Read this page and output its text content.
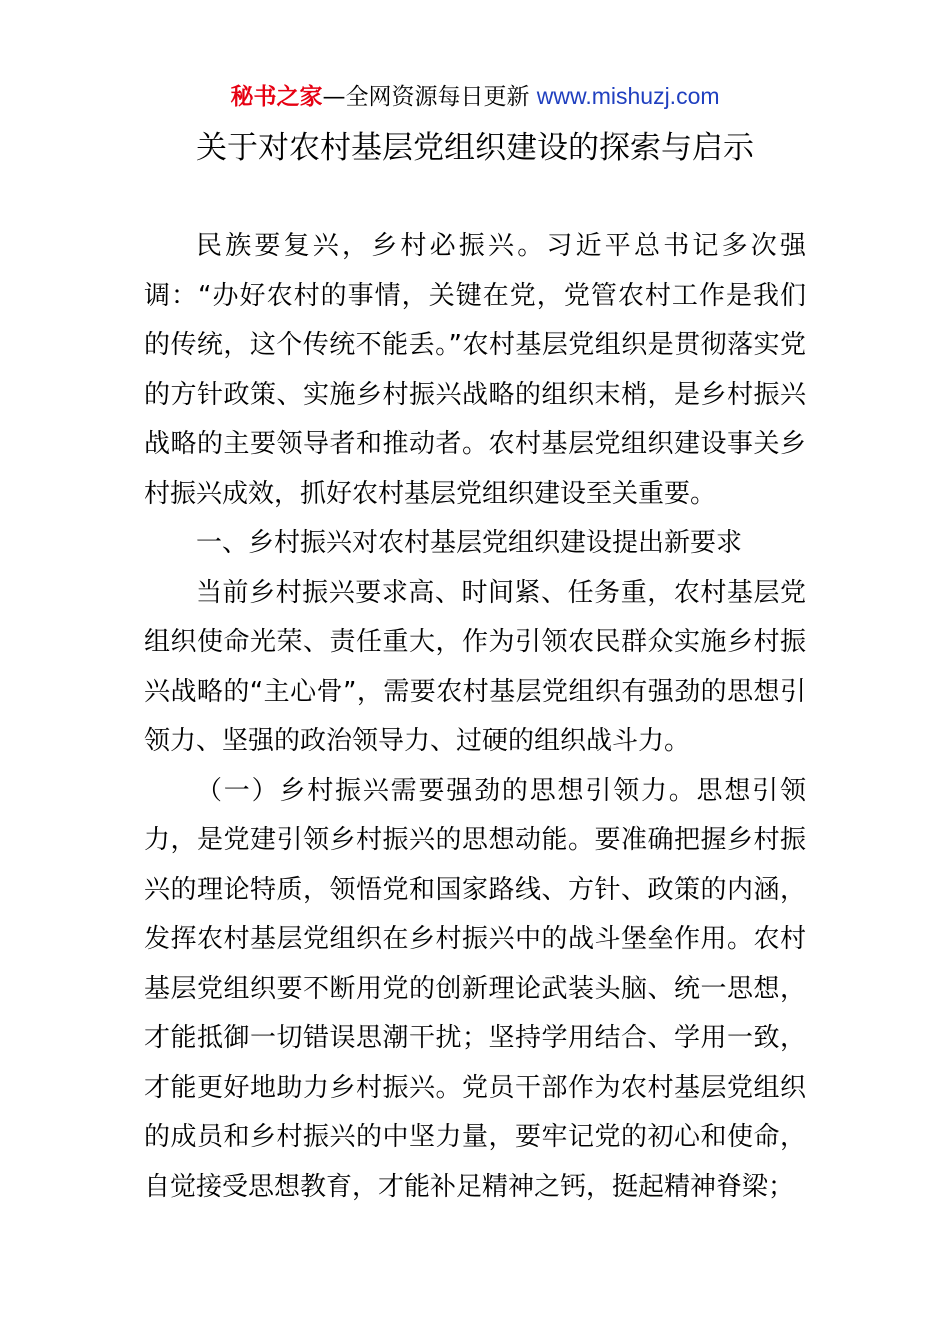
秘书之家—全网资源每日更新 www.mishuzj.com
关于对农村基层党组织建设的探索与启示

民族要复兴，乡村必振兴。习近平总书记多次强调：“办好农村的事情，关键在党，党管农村工作是我们的传统，这个传统不能丢。”农村基层党组织是贯彻落实党的方针政策、实施乡村振兴战略的组织末梢，是乡村振兴战略的主要领导者和推动者。农村基层党组织建设事关乡村振兴成效，抓好农村基层党组织建设至关重要。

一、乡村振兴对农村基层党组织建设提出新要求

当前乡村振兴要求高、时间紧、任务重，农村基层党组织使命光荣、责任重大，作为引领农民群众实施乡村振兴战略的“主心骨”，需要农村基层党组织有强劲的思想引领力、坚强的政治领导力、过硬的组织战斗力。

（一）乡村振兴需要强劲的思想引领力。思想引领力，是党建引领乡村振兴的思想动能。要准确把握乡村振兴的理论特质，领悟党和国家路线、方针、政策的内涵，发挥农村基层党组织在乡村振兴中的战斗堡垒作用。农村基层党组织要不断用党的创新理论武装头脑、统一思想，才能抵御一切错误思潮干扰；坚持学用结合、学用一致，才能更好地助力乡村振兴。党员干部作为农村基层党组织的成员和乡村振兴的中坚力量，要牢记党的初心和使命，自觉接受思想教育，才能补足精神之钙，挺起精神脊梁；
